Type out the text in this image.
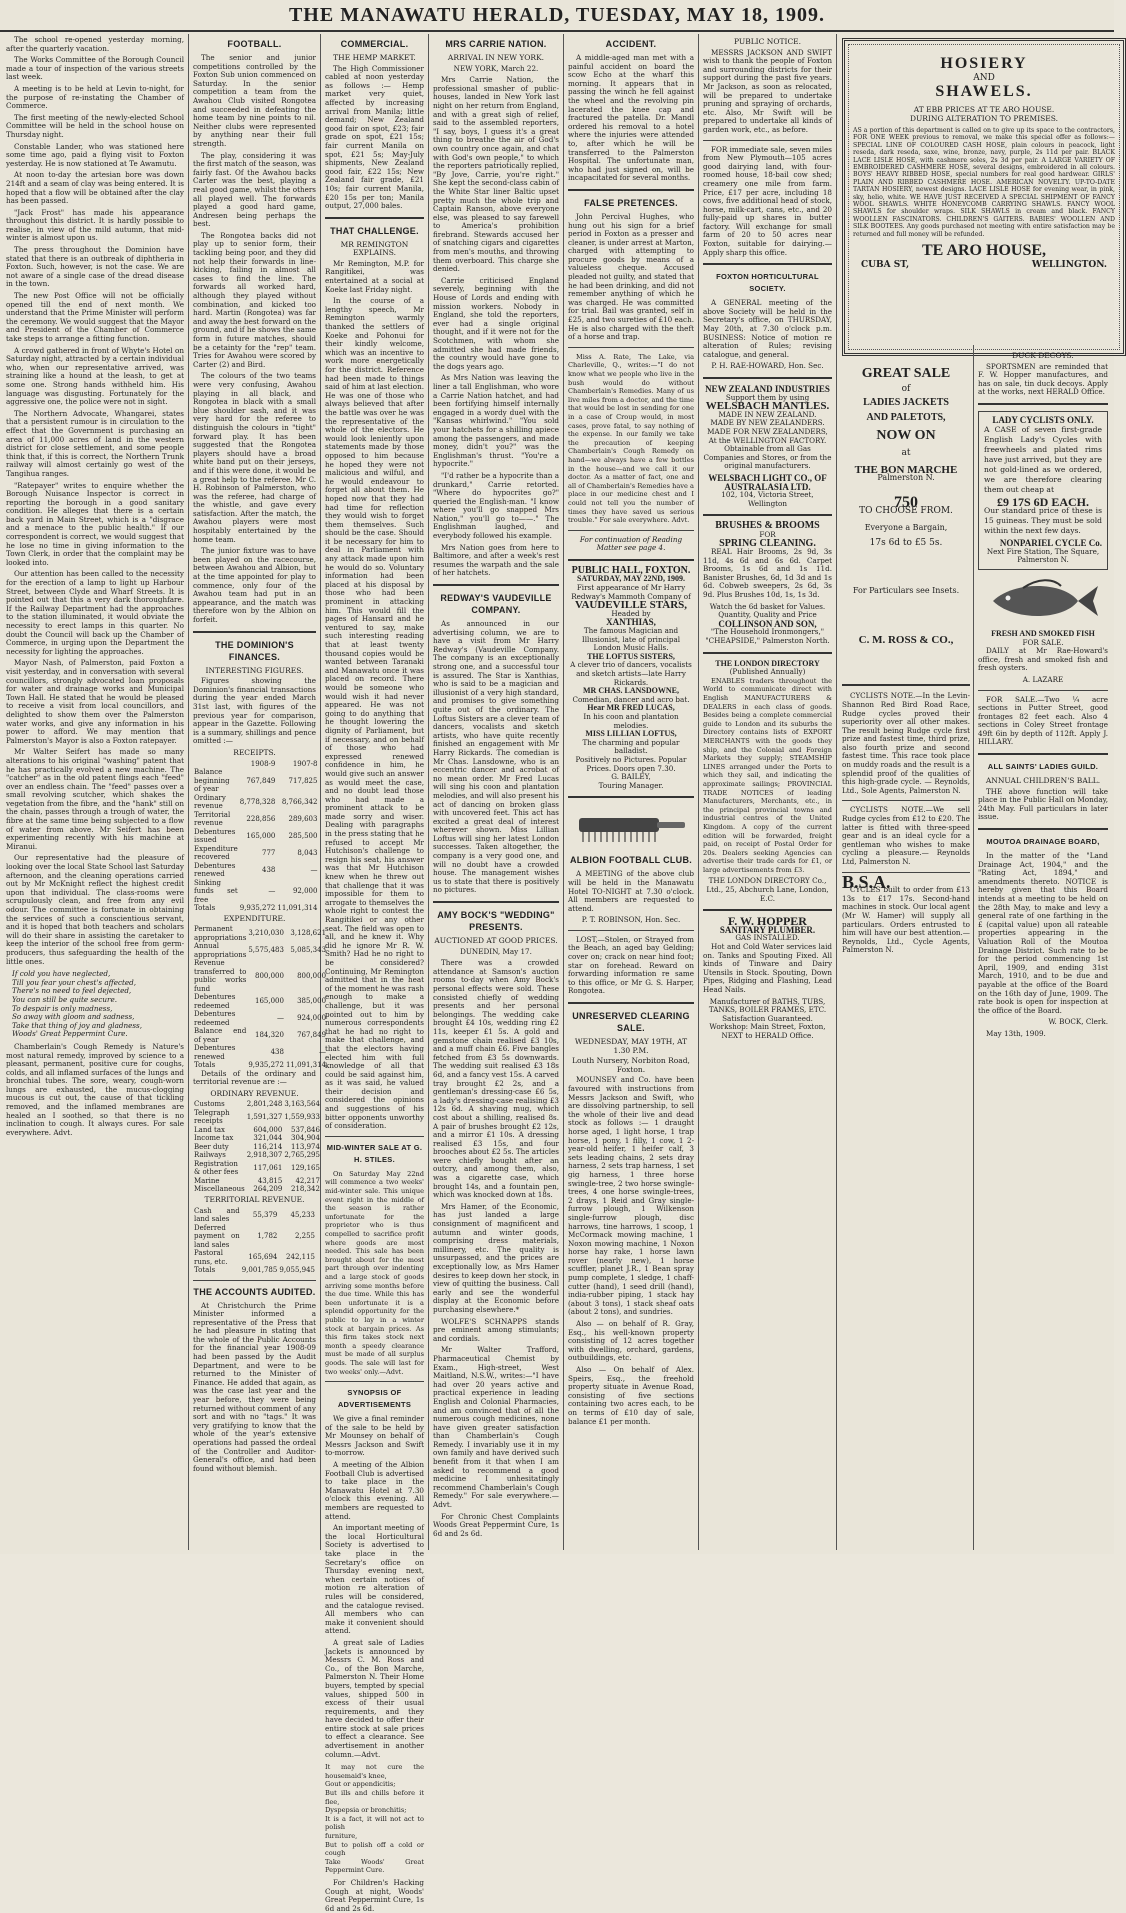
THE MANAWATU HERALD, TUESDAY, MAY 18, 1909.

The school re-opened yesterday morning, after the quarterly vacation.

The Works Committee of the Borough Council made a tour of inspection of the various streets last week.

A meeting is to be held at Levin to-night, for the purpose of re-instating the Chamber of Commerce.

The first meeting of the newly-elected School Committee will be held in the school house on Thursday night.

Constable Lander, who was stationed here some time ago, paid a flying visit to Foxton yesterday. He is now stationed at Te Awamutu.

At noon to-day the artesian bore was down 214ft and a seam of clay was being entered. It is hoped that a flow will be obtained after the clay has been passed.

"Jack Frost" has made his appearance throughout this district. It is hardly possible to realise, in view of the mild autumn, that mid-winter is almost upon us.

The press throughout the Dominion have stated that there is an outbreak of diphtheria in Foxton. Such, however, is not the case. We are not aware of a single case of the dread disease in the town.

The new Post Office will not be officially opened till the end of next month. We understand that the Prime Minister will perform the ceremony. We would suggest that the Mayor and President of the Chamber of Commerce take steps to arrange a fitting function.

A crowd gathered in front of Whyte's Hotel on Saturday night, attracted by a certain individual who, when our representative arrived, was straining like a hound at the leash, to get at some one. Strong hands withheld him. His language was disgusting. Fortunately for the aggressive one, the police were not in sight.

The Northern Advocate, Whangarei, states that a persistent rumour is in circulation to the effect that the Government is purchasing an area of 11,000 acres of land in the western district for close settlement, and some people think that, if this is correct, the Northern Trunk railway will almost certainly go west of the Tangihua ranges.

"Ratepayer" writes to enquire whether the Borough Nuisance Inspector is correct in reporting the borough in a good sanitary condition. He alleges that there is a certain back yard in Main Street, which is a "disgrace and a menace to the public health." If our correspondent is correct, we would suggest that he lose no time in giving information to the Town Clerk, in order that the complaint may be looked into.

Our attention has been called to the necessity for the erection of a lamp to light up Harbour Street, between Clyde and Wharf Streets. It is pointed out that this a very dark thoroughfare. If the Railway Department had the approaches to the station illuminated, it would obviate the necessity to erect lamps in this quarter. No doubt the Council will back up the Chamber of Commerce, in urging upon the Department the necessity for lighting the approaches.

Mayor Nash, of Palmerston, paid Foxton a visit yesterday, and in conversation with several councillors, strongly advocated loan proposals for water and drainage works and Municipal Town Hall. He stated that he would be pleased to receive a visit from local councillors, and delighted to show them over the Palmerston water works, and give any information in his power to afford. We may mention that Palmerston's Mayor is also a Foxton ratepayer.

Mr Walter Seifert has made so many alterations to his original "washing" patent that he has practically evolved a new machine. The "catcher" as in the old patent flings each "feed" over an endless chain. The "feed" passes over a small revolving scutcher, which shakes the vegetation from the fibre, and the "hank" still on the chain, passes through a trough of water, the fibre at the same time being subjected to a flow of water from above. Mr Seifert has been experimenting recently with his machine at Miranui.

Our representative had the pleasure of looking over the local State School last Saturday afternoon, and the cleaning operations carried out by Mr McKnight reflect the highest credit upon that individual. The class-rooms were scrupulously clean, and free from any evil odour. The committee is fortunate in obtaining the services of such a conscientious servant, and it is hoped that both teachers and scholars will do their share in assisting the caretaker to keep the interior of the school free from germ-producers, thus safeguarding the health of the little ones.

If cold you have neglected,
Till you fear your chest's affected,
There's no need to feel dejected,
You can still be quite secure.
To despair is only madness,
So away with gloom and sadness,
Take that thing of joy and gladness,
Woods' Great Peppermint Cure.

Chamberlain's Cough Remedy is Nature's most natural remedy, improved by science to a pleasant, permanent, positive cure for coughs, colds, and all inflamed surfaces of the lungs and bronchial tubes. The sore, weary, cough-worn lungs are exhausted, the mucus-clogging mucous is cut out, the cause of that tickling removed, and the inflamed membranes are healed an I soothed, so that there is no inclination to cough. It always cures. For sale everywhere. Advt.

FOOTBALL.

The senior and junior competitions controlled by the Foxton Sub union commenced on Saturday. In the senior competition a team from the Awahou Club visited Rongotea and succeeded in defeating the home team by nine points to nil. Neither clubs were represented by anything near their full strength.

The play, considering it was the first match of the season, was fairly fast. Of the Awahou backs Carter was the best, playing a real good game, whilst the others all played well. The forwards played a good hard game, Andresen being perhaps the best.

The Rongotea backs did not play up to senior form, their tackling being poor, and they did not help their forwards in line-kicking, failing in almost all cases to find the line. The forwards all worked hard, although they played without combination, and kicked too hard. Martin (Rongotea) was far and away the best forward on the ground, and if he shows the same form in future matches, should be a cetainty for the "rep" team. Tries for Awahou were scored by Carter (2) and Bird.

The colours of the two teams were very confusing, Awahou playing in all black, and Rongotea in black with a small blue shoulder sash, and it was very hard for the referee to distinguish the colours in "tight" forward play. It has been suggested that the Rongotea players should have a broad white band put on their jerseys, and if this were done, it would be a great help to the referee. Mr C. H. Robinson of Palmerston, who was the referee, had charge of the whistle, and gave every satisfaction. After the match, the Awahou players were most hospitably entertained by the home team.

The junior fixture was to have been played on the racecourse, between Awahou and Albion, but at the time appointed for play to commence, only four of the Awahou team had put in an appearance, and the match was therefore won by the Albion on forfeit.

THE DOMINION'S FINANCES.
INTERESTING FIGURES.

Figures showing the Dominion's financial transactions during the year ended March 31st last, with figures of the previous year for comparison, appear in the Gazette. Following is a summary, shillings and pence omitted :—

RECEIPTS.
	1908-9	1907-8
Balance beginning of year	767,849	717,825
Ordinary revenue	8,778,328	8,766,342
Territorial revenue	228,856	289,603
Debentures issued	165,000	285,500
Expenditure recovered	777	8,043
Debentures renewed	438	—
Sinking funds set free	—	92,000
Totals	9,935,272	11,091,314
EXPENDITURE.
Permanent appropriations	3,210,030	3,128,621
Annual appropriations	5,575,483	5,085,343
Revenue transferred to public works fund	800,000	800,000
Debentures redeemed	165,000	385,000
Debentures redeemed	—	924,000
Balance end of year	184,320	767,849
Debentures renewed	438	—
Totals	9,935,272	11,091,314

Details of the ordinary and territorial revenue are :—

ORDINARY REVENUE.
Customs	2,801,248	3,163,564
Telegraph receipts	1,591,327	1,559,933
Land tax	604,000	537,846
Income tax	321,044	304,904
Beer duty	116,214	113,974
Railways	2,918,307	2,765,295
Registration & other fees	117,061	129,165
Marine	43,815	42,217
Miscellaneous	264,209	218,342
TERRITORIAL REVENUE.
Cash and land sales	55,379	45,233
Deferred payment on land sales	1,782	2,255
Pastoral runs, etc.	165,694	242,115
Totals	9,001,785	9,055,945
THE ACCOUNTS AUDITED.

At Christchurch the Prime Minister informed a representative of the Press that he had pleasure in stating that the whole of the Public Accounts for the financial year 1908-09 had been passed by the Audit Department, and were to be returned to the Minister of Finance. He added that again, as was the case last year and the year before, they were being returned without comment of any sort and with no "tags." It was very gratifying to know that the whole of the year's extensive operations had passed the ordeal of the Controller and Auditor-General's office, and had been found without blemish.

COMMERCIAL.
THE HEMP MARKET.

The High Commissioner cabled at noon yesterday as follows :— Hemp market very quiet, affected by increasing arrival from Manila; little demand; New Zealand good fair on spot, £23; fair grade on spot, £21 15s; fair current Manila on spot, £21 5s; May-July shipments, New Zealand good fair, £22 15s; New Zealand fair grade, £21 10s; fair current Manila, £20 15s per ton; Manila output, 27,000 bales.

THAT CHALLENGE.
MR REMINGTON EXPLAINS.

Mr Remington, M.P. for Rangitikei, was entertained at a social at Koeke last Friday night.

In the course of a lengthy speech, Mr Remington warmly thanked the settlers of Koeke and Pohonui for their kindly welcome, which was an incentive to work more energetically for the district. Reference had been made to things said of him at last election. He was one of those who always believed that after the battle was over he was the representative of the whole of the electors. He would look leniently upon statements made by those opposed to him because he hoped they were not malicious and wilful, and he would endeavour to forget all about them. He hoped now that they had had time for reflection they would wish to forget them themselves. Such should be the case. Should it be necessary for him to deal in Parliament with any attack made upon him he would do so. Voluntary information had been placed at his disposal by those who had been prominent in attacking him. This would fill the pages of Hansard and he ventured to say, make such interesting reading that at least twenty thousand copies would be wanted between Taranaki and Manawatu once it was placed on record. There would be someone who would wish it had never appeared. He was not going to do anything that he thought lowering the dignity of Parliament, but if necessary, and on behalf of those who had expressed renewed confidence in him, he would give such an answer as would meet the case, and no doubt lead those who had made a prominent attack to be made sorry and wiser. Dealing with paragraphs in the press stating that he refused to accept Mr Hutchison's challenge to resign his seat, his answer was that Mr Hutchison knew when he threw out that challenge that it was impossible for them to arrogate to themselves the whole right to contest the Rangitikei or any other seat. The field was open to all, and he knew it. Why did he ignore Mr R. W. Smith? Had he no right to be considered? Continuing, Mr Remington admitted that in the heat of the moment he was rash enough to make a challenge, but it was pointed out to him by numerous correspondents that he had no right to make that challenge, and that the electors having elected him with full knowledge of all that could be said against him, as it was said, he valued their decision and considered the opinions and suggestions of his bitter opponents unworthy of consideration.

MID-WINTER SALE AT G. H. STILES.

On Saturday May 22nd will commence a two weeks' mid-winter sale. This unique event right in the middle of the season is rather unfortunate for the proprietor who is thus compelled to sacrifice profit where goods are most needed. This sale has been brought about for the most part through over indenting and a large stock of goods arriving some months before the due time. While this has been unfortunate it is a splendid opportunity for the public to lay in a winter stock at bargain prices. As this firm takes stock next month a speedy clearance must be made of all surplus goods. The sale will last for two weeks' only.—Advt.

SYNOPSIS OF ADVERTISEMENTS

We give a final reminder of the sale to be held by Mr Mounsey on behalf of Messrs Jackson and Swift to-morrow.

A meeting of the Albion Football Club is advertised to take place in the Manawatu Hotel at 7.30 o'clock this evening. All members are requested to attend.

An important meeting of the local Horticultural Society is advertised to take place in the Secretary's office on Thursday evening next, when certain notices of motion re alteration of rules will be considered, and the catalogue revised. All members who can make it convenient should attend.

A great sale of Ladies Jackets is announced by Messrs C. M. Ross and Co., of the Bon Marche, Palmerston N. Their Home buyers, tempted by special values, shipped 500 in excess of their usual requirements, and they have decided to offer their entire stock at sale prices to effect a clearance. See advertisement in another column.—Advt.

It may not cure the housemaid's knee,
Gout or appendicitis;
But ills and chills before it flee,
Dyspepsia or bronchitis;
It is a fact, it will not act to polish
furniture,
But to polish off a cold or cough
Take Woods' Great Peppermint Cure.

For Children's Hacking Cough at night, Woods' Great Peppermint Cure, 1s 6d and 2s 6d.

MRS CARRIE NATION.
ARRIVAL IN NEW YORK.

NEW YORK, March 22.

Mrs Carrie Nation, the professional smasher of public-houses, landed in New York last night on her return from England, and with a great sigh of relief, said to the assembled reporters, "I say, boys, I guess it's a great thing to breathe the air of God's own country once again, and chat with God's own people," to which the reporters patriotically replied, "By Jove, Carrie, you're right." She kept the second-class cabin of the White Star liner Baltic upset pretty much the whole trip and Captain Ranson, above everyone else, was pleased to say farewell to America's prohibition firebrand. Stewards accused her of snatching cigars and cigarettes from men's mouths, and throwing them overboard. This charge she denied.

Carrie criticised England severely, beginning with the House of Lords and ending with mission workers. Nobody in England, she told the reporters, ever had a single original thought, and if it were not for the Scotchmen, with whom she admitted she had made friends, the country would have gone to the dogs years ago.

As Mrs Nation was leaving the liner a tall Englishman, who wore a Carrie Nation hatchet, and had been fortifying himself internally engaged in a wordy duel with the "Kansas whirlwind." "You sold your hatchets for a shilling apiece among the passengers, and made money, didn't you?" was the Englishman's thrust. "You're a hypocrite."

"I'd rather be a hypocrite than a drunkard," Carrie retorted. "Where do hypocrites go?" queried the English-man. "I know where you'll go snapped Mrs Nation," you'll go to——." The Englishman laughed, and everybody followed his example.

Mrs Nation goes from here to Baltimore, and after a week's rest resumes the warpath and the sale of her hatchets.

REDWAY'S VAUDEVILLE COMPANY.

As announced in our advertising column, we are to have a visit from Mr Harry Redway's (Vaudeville Company. The company is an exceptionally strong one, and a successful tour is assured. The Star is Xanthias, who is said to be a magician and illusionist of a very high standard, and promises to give something quite out of the ordinary. The Loftus Sisters are a clever team of dancers, vocalists and sketch artists, who have quite recently finished an engagement with Mr Harry Rickards. The comedian is Mr Chas. Lansdowne, who is an eccentric dancer and acrobat of no mean order. Mr Fred Lucas will sing his coon and plantation melodies, and will also present his act of dancing on broken glass with uncovered feet. This act has excited a great deal of interest wherever shown. Miss Lillian Loftus will sing her latest London successes. Taken altogether, the company is a very good one, and will no doubt have a crowded house. The management wishes us to state that there is positively no pictures.

AMY BOCK'S "WEDDING" PRESENTS.
AUCTIONED AT GOOD PRICES.

DUNEDIN, May 17.

There was a crowded attendance at Samson's auction rooms to-day when Amy Bock's personal effects were sold. These consisted chiefly of wedding presents and her personal belongings. The wedding cake brought £4 10s, wedding ring £2 11s, keeper £1 5s. A gold and gemstone chain realised £3 10s, and a muff chain £6. Five bangles fetched from £3 5s downwards. The wedding suit realised £3 18s 6d, and a fancy vest 15s. A carved tray brought £2 2s, and a gentleman's dressing-case £6 5s, a lady's dressing-case realising £3 12s 6d. A shaving mug, which cost about a shilling, realised 8s. A pair of brushes brought £2 12s, and a mirror £1 10s. A dressing realised £3 15s, and four brooches about £2 5s. The articles were chiefly bought after an outcry, and among them, also, was a cigarette case, which brought 14s, and a fountain pen, which was knocked down at 18s.

Mrs Hamer, of the Economic, has just landed a large consignment of magnificent and autumn and winter goods, comprising dress materials, millinery, etc. The quality is unsurpassed, and the prices are exceptionally low, as Mrs Hamer desires to keep down her stock, in view of quitting the business. Call early and see the wonderful display at the Economic before purchasing elsewhere.*

WOLFE'S SCHNAPPS stands pre eminent among stimulants; and cordials.

Mr Walter Trafford, Pharmaceutical Chemist by Exam., High-street, West Maitland, N.S.W., writes:—"I have had over 20 years active and practical experience in leading English and Colonial Pharmacies, and am convinced that of all the numerous cough medicines, none have given greater satisfaction than Chamberlain's Cough Remedy. I invariably use it in my own family and have derived such benefit from it that when I am asked to recommend a good medicine I unhesitatingly recommend Chamberlain's Cough Remedy." For sale everywhere.—Advt.

For Chronic Chest Complaints Woods Great Peppermint Cure, 1s 6d and 2s 6d.

ACCIDENT.

A middle-aged man met with a painful accident on board the scow Echo at the wharf this morning. It appears that in passing the winch he fell against the wheel and the revolving pin lacerated the knee cap and fractured the patella. Dr. Mandl ordered his removal to a hotel where the injuries were attended to, after which he will be transferred to the Palmerston Hospital. The unfortunate man, who had just signed on, will be incapacitated for several months.

FALSE PRETENCES.

John Percival Hughes, who hung out his sign for a brief period in Foxton as a presser and cleaner, is under arrest at Marton, charged with attempting to procure goods by means of a valueless cheque. Accused pleaded not guilty, and stated that he had been drinking, and did not remember anything of which he was charged. He was committed for trial. Bail was granted, self in £25, and two sureties of £10 each. He is also charged with the theft of a horse and trap.

Miss A. Rate, The Lake, via Charleville, Q., writes:—"I do not know what we people who live in the bush would do without Chamberlain's Remedies. Many of us live miles from a doctor, and the time that would be lost in sending for one in a case of Croup would, in most cases, prove fatal, to say nothing of the expense. In our family we take the precaution of keeping Chamberlain's Cough Remedy on hand—we always have a few bottles in the house—and we call it our doctor. As a matter of fact, one and all of Chamberlain's Remedies have a place in our medicine chest and I could not tell you the number of times they have saved us serious trouble." For sale everywhere. Advt.

For continuation of Reading Matter see page 4.

PUBLIC HALL, FOXTON.
SATURDAY, MAY 22ND, 1909.
First appearance of Mr Harry Redway's Mammoth Company of
VAUDEVILLE STARS,
Headed by
XANTHIAS,
The famous Magician and Illusionist, late of principal London Music Halls.
THE LOFTUS SISTERS,
A clever trio of dancers, vocalists and sketch artists—late Harry Rickards.
MR CHAS. LANSDOWNE,
Comedian, dancer and acro bat.
Hear MR FRED LUCAS,
In his coon and plantation melodies.
MISS LILLIAN LOFTUS,
The charming and popular balladist.
Positively no Pictures. Popular Prices. Doors open 7.30.
G. BAILEY,
Touring Manager.
ALBION FOOTBALL CLUB.

A MEETING of the above club will be held in the Manawatu Hotel TO-NIGHT at 7.30 o'clock. All members are requested to attend.

P. T. ROBINSON, Hon. Sec.

LOST,—Stolen, or Strayed from the Beach, an aged bay Gelding; cover on; crack on near hind foot; star on forehead. Reward on forwarding information re same to this office, or Mr G. S. Harper, Rongotea.

UNRESERVED CLEARING SALE.
WEDNESDAY, MAY 19TH, AT 1.30 P.M.
Louth Nursery, Norbiton Road, Foxton.

MOUNSEY and Co. have been favoured with instructions from Messrs Jackson and Swift, who are dissolving partnership, to sell the whole of their live and dead stock as follows :— 1 draught horse aged, 1 light horse, 1 trap horse, 1 pony, 1 filly, 1 cow, 1 2-year-old heifer, 1 heifer calf, 3 sets leading chains, 2 sets dray harness, 2 sets trap harness, 1 set gig harness, 1 three horse swingle-tree, 2 two horse swingle-trees, 4 one horse swingle-trees, 2 drays, 1 Reid and Gray single-furrow plough, 1 Wilkenson single-furrow plough, disc harrows, tine harrows, 1 scoop, 1 McCormack mowing machine, 1 Noxon mowing machine, 1 Noxon horse hay rake, 1 horse lawn rover (nearly new), 1 horse scuffler, planet J.R., 1 Bean spray pump complete, 1 sledge, 1 chaff-cutter (hand), 1 seed drill (hand), india-rubber piping, 1 stack hay (about 3 tons), 1 stack sheaf oats (about 2 tons), and sundries.

Also — on behalf of R. Gray, Esq., his well-known property consisting of 12 acres together with dwelling, orchard, gardens, outbuildings, etc.

Also — On behalf of Alex. Speirs, Esq., the freehold property situate in Avenue Road, consisting of five sections containing two acres each, to be on terms of £10 day of sale, balance £1 per month.

PUBLIC NOTICE.

MESSRS JACKSON AND SWIFT wish to thank the people of Foxton and surrounding districts for their support during the past five years. Mr Jackson, as soon as relocated, will be prepared to undertake pruning and spraying of orchards, etc. Also, Mr Swift will be prepared to undertake all kinds of garden work, etc., as before.

FOR immediate sale, seven miles from New Plymouth—105 acres good dairying land, with four-roomed house, 18-bail cow shed; creamery one mile from farm. Price, £17 per acre, including 18 cows, five additional head of stock, horse, milk-cart, cans, etc., and 20 fully-paid up shares in butter factory. Will exchange for small farm of 20 to 50 acres near Foxton, suitable for dairying.—Apply sharp this office.

FOXTON HORTICULTURAL SOCIETY.

A GENERAL meeting of the above Society will be held in the Secretary's office, on THURSDAY, May 20th, at 7.30 o'clock p.m. BUSINESS: Notice of motion re alteration of Rules; revising catalogue, and general.

P. H. RAE-HOWARD, Hon. Sec.

NEW ZEALAND INDUSTRIES
Support them by using
WELSBACH MANTLES.
MADE IN NEW ZEALAND.
MADE BY NEW ZEALANDERS.
MADE FOR NEW ZEALANDERS,
At the WELLINGTON FACTORY.

Obtainable from all Gas Companies and Stores, or from the original manufacturers.

WELSBACH LIGHT CO., OF AUSTRALASIA LTD.
102, 104, Victoria Street, Wellington
BRUSHES & BROOMS
FOR
SPRING CLEANING.

REAL Hair Brooms, 2s 9d, 3s 11d, 4s 6d and 6s 6d. Carpet Brooms, 1s 6d and 1s 11d. Banister Brushes, 6d, 1d 3d and 1s 6d. Cobweb sweepers, 2s 6d, 3s 9d. Plus Brushes 10d, 1s, 1s 3d.

Watch the 6d basket for Values.
Quantity, Quality and Price
COLLINSON AND SON,
"The Household Ironmongers," "CHEAPSIDE," Palmerston North.
THE LONDON DIRECTORY
(Published Annually)

ENABLES traders throughout the World to communicate direct with English MANUFACTURERS & DEALERS in each class of goods. Besides being a complete commercial guide to London and its suburbs the Directory contains lists of EXPORT MERCHANTS with the goods they ship, and the Colonial and Foreign Markets they supply; STEAMSHIP LINES arranged under the Ports to which they sail, and indicating the approximate sailings; PROVINCIAL TRADE NOTICES of leading Manufacturers, Merchants, etc., in the principal provincial towns and industrial centres of the United Kingdom. A copy of the current edition will be forwarded, freight paid, on receipt of Postal Order for 20s. Dealers seeking Agencies can advertise their trade cards for £1, or large advertisements from £3.

THE LONDON DIRECTORY Co., Ltd., 25, Abchurch Lane, London, E.C.

F. W. HOPPER
SANITARY PLUMBER.
GAS INSTALLED.

Hot and Cold Water services laid on. Tanks and Spouting Fixed. All kinds of Tinware and Dairy Utensils in Stock. Spouting, Down Pipes, Ridging and Flashing, Lead Head Nails.

Manufacturer of BATHS, TUBS, TANKS, BOILER FRAMES, ETC.
Satisfaction Guaranteed.
Workshop: Main Street, Foxton, NEXT to HERALD Office.
HOSIERY
AND
SHAWELS.
AT EBB PRICES AT TE ARO HOUSE.
DURING ALTERATION TO PREMISES.

AS a portion of this department is called on to give up its space to the contractors, FOR ONE WEEK previous to removal, we make this special offer as follows:— SPECIAL LINE OF COLOURED CASH HOSE, plain colours in peacock, light reseda, dark reseda, saxe, wine, bronze, navy, purple, 2s 11d per pair. BLACK LACE LISLE HOSE, with cashmere soles, 2s 3d per pair. A LARGE VARIETY OF EMBROIDERED CASHMERE HOSE, several designs, embroidered in all colours. BOYS' HEAVY RIBBED HOSE, special numbers for real good hardwear. GIRLS' PLAIN AND RIBBED CASHMERE HOSE. AMERICAN NOVELTY. UP-TO-DATE TARTAN HOSIERY, newest designs. LACE LISLE HOSE for evening wear, in pink, sky, helio, white. WE HAVE JUST RECEIVED A SPECIAL SHIPMENT OF FANCY WOOL SHAWLS. WHITE HONEYCOMB CARRYING SHAWLS. FANCY WOOL SHAWLS for shoulder wraps. SILK SHAWLS in cream and black. FANCY WOOLLEN FASCINATORS. CHILDREN'S GAITERS. BABIES' WOOLLEN AND SILK BOOTEES. Any goods purchased not meeting with entire satisfaction may be returned and full money will be refunded.

TE ARO HOUSE,
CUBA ST,	WELLINGTON.
GREAT SALE
of
LADIES JACKETS
AND PALETOTS,
NOW ON
at
THE BON MARCHE
Palmerston N.
750
TO CHOOSE FROM.
Everyone a Bargain,
17s 6d to £5 5s.
For Particulars see Insets.
C. M. ROSS & CO.,

CYCLISTS NOTE.—In the Levin-Shannon Red Bird Road Race, Rudge cycles proved their superiority over all other makes. The result being Rudge cycle first prize and fastest time, third prize, also fourth prize and second fastest time. This race took place on muddy roads and the result is a splendid proof of the qualities of this high-grade cycle. — Reynolds, Ltd., Sole Agents, Palmerston N.

CYCLISTS NOTE.—We sell Rudge cycles from £12 to £20. The latter is fitted with three-speed gear and is an ideal cycle for a gentleman who wishes to make cycling a pleasure.— Reynolds Ltd, Palmerston N.

B.S.A.

CYCLES built to order from £13 13s to £17 17s. Second-hand machines in stock. Our local agent (Mr W. Hamer) will supply all particulars. Orders entrusted to him will have our best attention.—Reynolds, Ltd., Cycle Agents, Palmerston N.

DUCK DECOYS.

SPORTSMEN are reminded that F. W. Hopper manufactures, and has on sale, tin duck decoys. Apply at the works, next HERALD Office.

LADY CYCLISTS ONLY.

A CASE of seven first-grade English Lady's Cycles with freewheels and plated rims have just arrived, but they are not gold-lined as we ordered, we are therefore clearing them out cheap at

£9 17S 6D EACH.

Our standard price of these is 15 guineas. They must be sold within the next few days.

NONPARIEL CYCLE Co.
Next Fire Station, The Square, Palmerston N.
FRESH AND SMOKED FISH
FOR SALE.

DAILY at Mr Rae-Howard's office, fresh and smoked fish and fresh oysters.

A. LAZARE

FOR SALE.—Two ¼ acre sections in Putter Street, good frontages 82 feet each. Also 4 sections in Coley Street frontage 49ft 6in by depth of 112ft. Apply J. HILLARY.

ALL SAINTS' LADIES GUILD.
ANNUAL CHILDREN'S BALL.

THE above function will take place in the Public Hall on Monday, 24th May. Full particulars in later issue.

MOUTOA DRAINAGE BOARD,

In the matter of the "Land Drainage Act, 1904," and the "Rating Act, 1894," and amendments thereto. NOTICE is hereby given that this Board intends at a meeting to be held on the 28th May, to make and levy a general rate of one farthing in the £ (capital value) upon all rateable properties appearing in the Valuation Roll of the Moutoa Drainage District. Such rate to be for the period commencing 1st April, 1909, and ending 31st March, 1910, and to be due and payable at the office of the Board on the 16th day of June, 1909. The rate book is open for inspection at the office of the Board.

W. BOCK, Clerk.

May 13th, 1909.
